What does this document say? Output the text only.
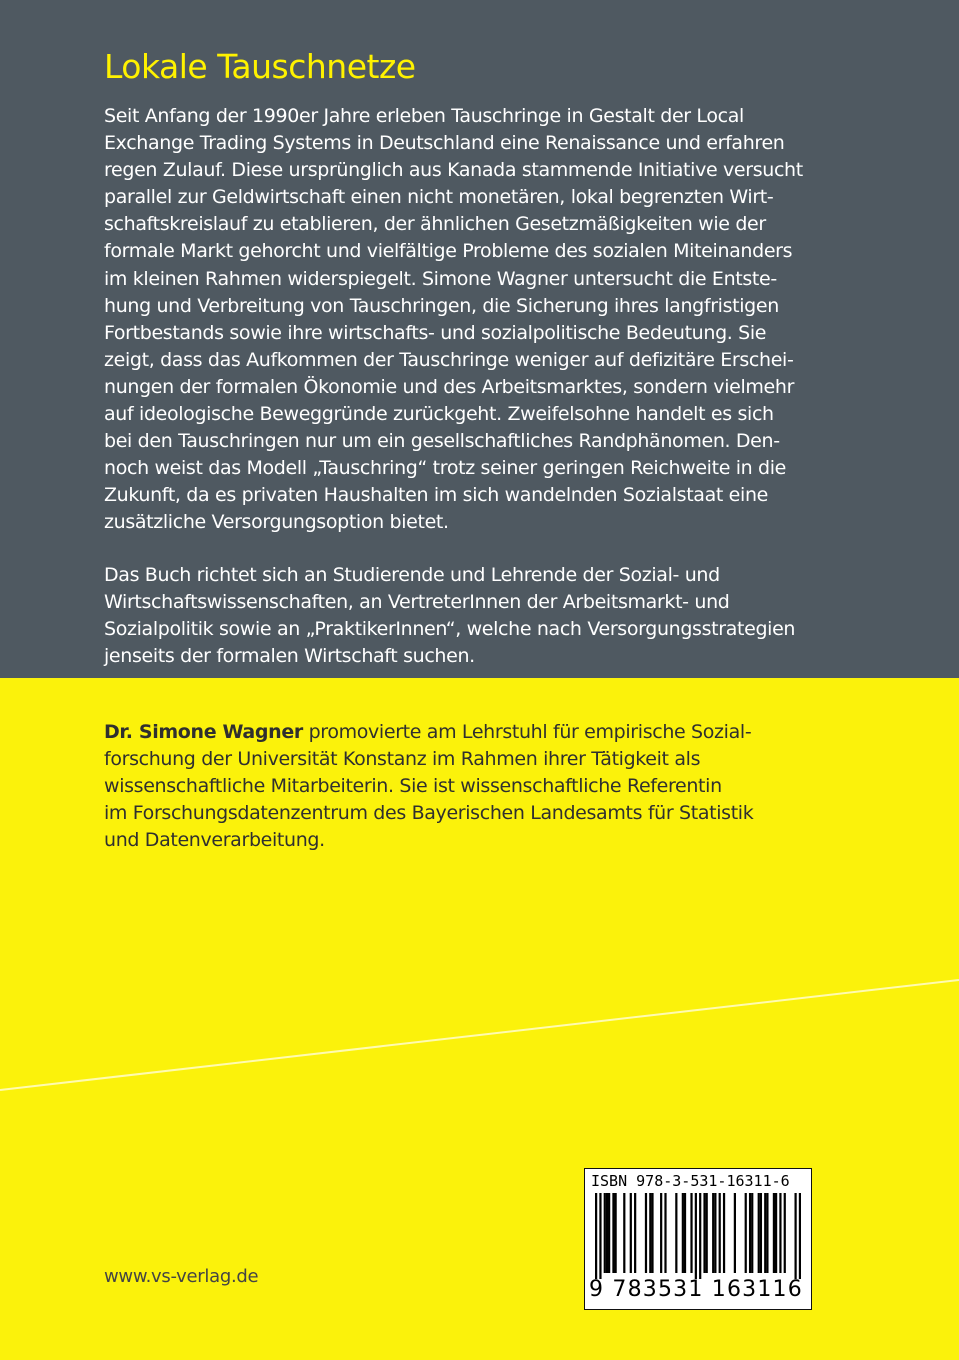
Lokale Tauschnetze

Seit Anfang der 1990er Jahre erleben Tauschringe in Gestalt der Local
Exchange Trading Systems in Deutschland eine Renaissance und erfahren
regen Zulauf. Diese ursprünglich aus Kanada stammende Initiative versucht
parallel zur Geldwirtschaft einen nicht monetären, lokal begrenzten Wirt-
schaftskreislauf zu etablieren, der ähnlichen Gesetzmäßigkeiten wie der
formale Markt gehorcht und vielfältige Probleme des sozialen Miteinanders
im kleinen Rahmen widerspiegelt. Simone Wagner untersucht die Entste-
hung und Verbreitung von Tauschringen, die Sicherung ihres langfristigen
Fortbestands sowie ihre wirtschafts- und sozialpolitische Bedeutung. Sie
zeigt, dass das Aufkommen der Tauschringe weniger auf defizitäre Erschei-
nungen der formalen Ökonomie und des Arbeitsmarktes, sondern vielmehr
auf ideologische Beweggründe zurückgeht. Zweifelsohne handelt es sich
bei den Tauschringen nur um ein gesellschaftliches Randphänomen. Den-
noch weist das Modell „Tauschring“ trotz seiner geringen Reichweite in die
Zukunft, da es privaten Haushalten im sich wandelnden Sozialstaat eine
zusätzliche Versorgungsoption bietet.

Das Buch richtet sich an Studierende und Lehrende der Sozial- und
Wirtschaftswissenschaften, an VertreterInnen der Arbeitsmarkt- und
Sozialpolitik sowie an „PraktikerInnen“, welche nach Versorgungsstrategien
jenseits der formalen Wirtschaft suchen.

Dr. Simone Wagner promovierte am Lehrstuhl für empirische Sozial-
forschung der Universität Konstanz im Rahmen ihrer Tätigkeit als
wissenschaftliche Mitarbeiterin. Sie ist wissenschaftliche Referentin
im Forschungsdatenzentrum des Bayerischen Landesamts für Statistik
und Datenverarbeitung.

www.vs-verlag.de

ISBN 978-3-531-16311-6

9 783531 163116
